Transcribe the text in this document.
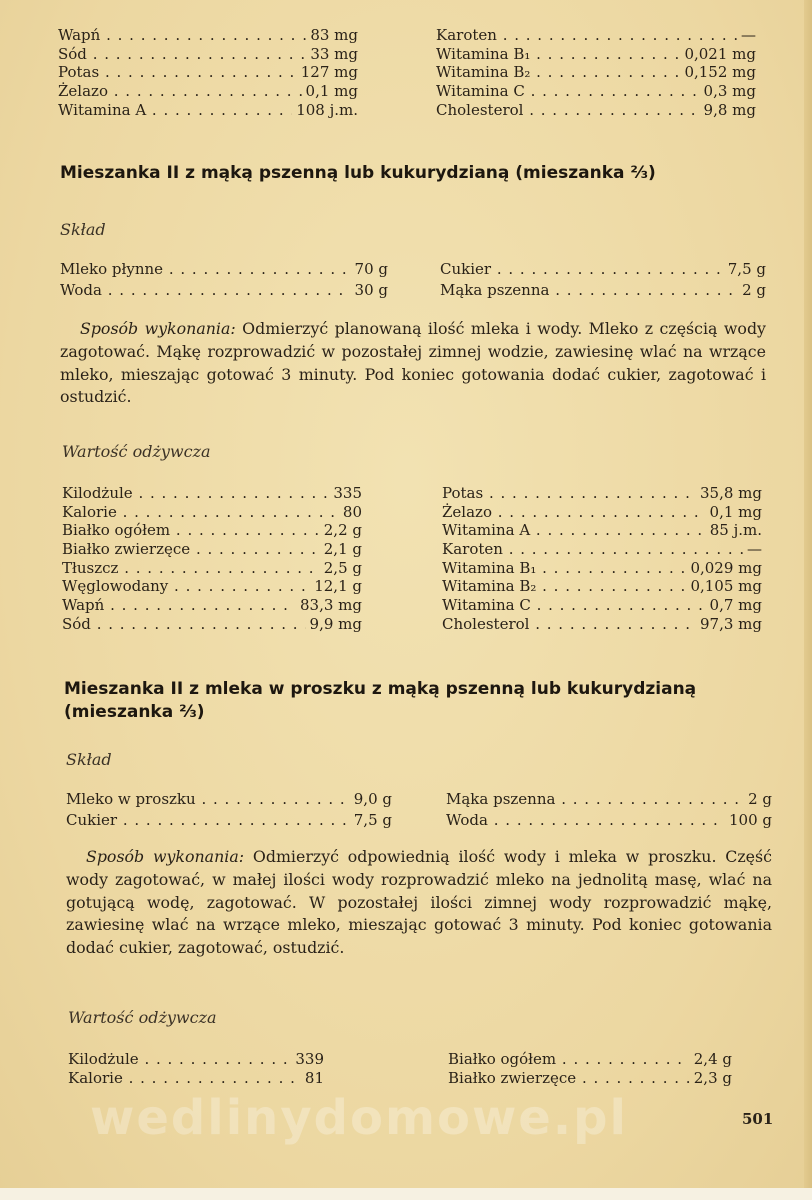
Wapń . . .	83 mg
Sód . . .	33 mg
Potas . . .	127 mg
Żelazo . . .	0,1 mg
Witamina A . . .	108 j.m.
Karoten . . .	—
Witamina B₁ . . .	0,021 mg
Witamina B₂ . . .	0,152 mg
Witamina C . . .	0,3 mg
Cholesterol . . .	9,8 mg
Mieszanka II z mąką pszenną lub kukurydzianą (mieszanka ⅔)
Skład
Mleko płynne . . .	70 g
Woda . . .	30 g
Cukier . . .	7,5 g
Mąka pszenna . . .	2 g
Sposób wykonania: Odmierzyć planowaną ilość mleka i wody. Mleko z częścią wody zagotować. Mąkę rozprowadzić w pozostałej zimnej wodzie, zawiesinę wlać na wrzące mleko, mieszając gotować 3 minuty. Pod koniec gotowania dodać cukier, zagotować i ostudzić.
Wartość odżywcza
Kilodżule . . .	335
Kalorie . . .	80
Białko ogółem . . .	2,2 g
Białko zwierzęce . . .	2,1 g
Tłuszcz . . .	2,5 g
Węglowodany . . .	12,1 g
Wapń . . .	83,3 mg
Sód . . .	9,9 mg
Potas . . .	35,8 mg
Żelazo . . .	0,1 mg
Witamina A . . .	85 j.m.
Karoten . . .	—
Witamina B₁ . . .	0,029 mg
Witamina B₂ . . .	0,105 mg
Witamina C . . .	0,7 mg
Cholesterol . . .	97,3 mg
Mieszanka II z mleka w proszku z mąką pszenną lub kukurydzianą
(mieszanka ⅔)
Skład
Mleko w proszku . . .	9,0 g
Cukier . . .	7,5 g
Mąka pszenna . . .	2 g
Woda . . .	100 g
Sposób wykonania: Odmierzyć odpowiednią ilość wody i mleka w proszku. Część wody zagotować, w małej ilości wody rozprowadzić mleko na jednolitą masę, wlać na gotującą wodę, zagotować. W pozostałej ilości zimnej wody rozprowadzić mąkę, zawiesinę wlać na wrzące mleko, mieszając gotować 3 minuty. Pod koniec gotowania dodać cukier, zagotować, ostudzić.
Wartość odżywcza
Kilodżule . . .	339
Kalorie . . .	81
Białko ogółem . . .	2,4 g
Białko zwierzęce . . .	2,3 g
wedlinydomowe.pl	501
